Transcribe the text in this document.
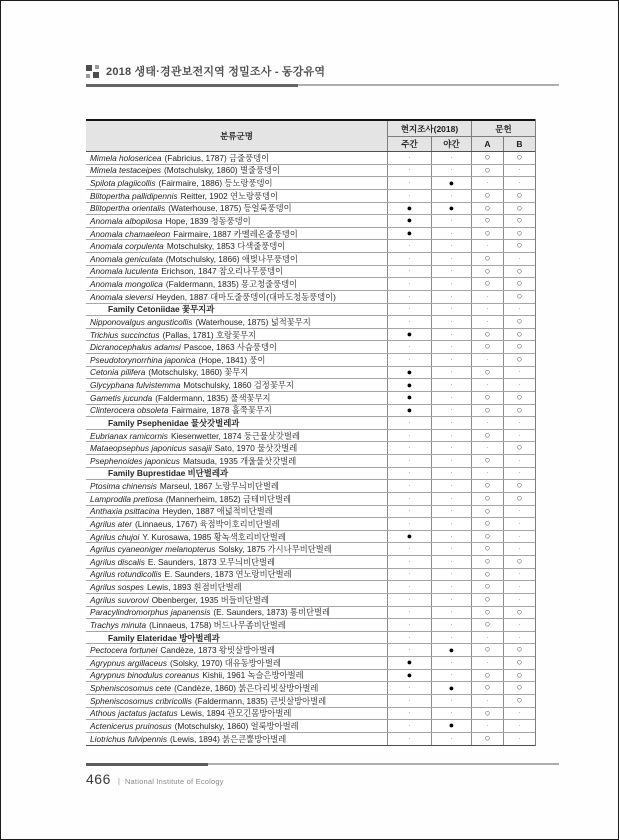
2018 생태·경관보전지역 정밀조사 - 동강유역
분류군명
현지조사(2018)	문헌
주간	야간	A	B
Mimela holosericea (Fabricius, 1787) 금줄풍뎅이	·	·	○	○
Mimela testaceipes (Motschulsky, 1860) 별줄풍뎅이	·	·	○	·
Spilota plagiicollis (Fairmaire, 1886) 등노랑풍뎅이	·	●	·	·
Blitopertha pallidipennis Reitter, 1902 연노랑풍뎅이	·	·	○	○
Blitopertha orientalis (Waterhouse, 1875) 등얼룩풍뎅이	●	●	○	○
Anomala albopilosa Hope, 1839 청동풍뎅이	●	·	○	○
Anomala chamaeleon Fairmaire, 1887 카멜레온줄풍뎅이	●	·	○	○
Anomala corpulenta Motschulsky, 1853 다색줄풍뎅이	·	·	·	○
Anomala geniculata (Motschulsky, 1866) 애벚나무풍뎅이	·	·	○	·
Anomala luculenta Erichson, 1847 참오리나무풍뎅이	·	·	○	○
Anomala mongolica (Faldermann, 1835) 몽고청줄풍뎅이	·	·	○	○
Anomala sieversi Heyden, 1887 대마도줄풍뎅이(대마도청동풍뎅이)	·	·	·	○
Family Cetoniidae 꽃무지과	·	·	·	·
Nipponovalgus angusticollis (Waterhouse, 1875) 넓적꽃무지	·	·	·	○
Trichius succinctus (Pallas, 1781) 호랑꽃무지	●	·	○	○
Dicranocephalus adamsi Pascoe, 1863 사슴풍뎅이	·	·	○	○
Pseudotorynorrhina japonica (Hope, 1841) 풍이	·	·	·	○
Cetonia pilifera (Motschulsky, 1860) 꽃무지	●	·	○	·
Glycyphana fulvistemma Motschulsky, 1860 검정꽃무지	●	·	·	·
Gametis jucunda (Faldermann, 1835) 풀색꽃무지	●	·	○	○
Clinterocera obsoleta Fairmaire, 1878 홀쭉꽃무지	●	·	○	○
Family Psephenidae 물삿갓벌레과	·	·	·	·
Eubrianax ramicornis Kiesenwetter, 1874 둥근물삿갓벌레	·	·	○	·
Mataeopsephus japonicus sasajii Sato, 1970 물삿갓벌레	·	·	·	○
Psephenoides japonicus Matsuda, 1935 개울물삿갓벌레	·	·	○	·
Family Buprestidae 비단벌레과	·	·	·	·
Ptosima chinensis Marseul, 1867 노랑무늬비단벌레	·	·	○	○
Lamprodila pretiosa (Mannerheim, 1852) 금테비단벌레	·	·	○	○
Anthaxia psittacina Heyden, 1887 애넓적비단벌레	·	·	○	·
Agrilus ater (Linnaeus, 1767) 육점박이호리비단벌레	·	·	○	·
Agrilus chujoi Y. Kurosawa, 1985 황녹색호리비단벌레	●	·	○	·
Agrilus cyaneoniger melanopterus Solsky, 1875 가시나무비단벌레	·	·	○	·
Agrilus discalis E. Saunders, 1873 모무늬비단벌레	·	·	○	○
Agrilus rotundicollis E. Saunders, 1873 연노랑비단벌레	·	·	○	·
Agrilus sospes Lewis, 1893 흰점비단벌레	·	·	○	·
Agrilus suvorovi Obenberger, 1935 버들비단벌레	·	·	○	·
Paracylindromorphus japanensis (E. Saunders, 1873) 통비단벌레	·	·	○	○
Trachys minuta (Linnaeus, 1758) 버드나무좀비단벌레	·	·	○	·
Family Elateridae 방아벌레과	·	·	·	·
Pectocera fortunei Candèze, 1873 왕빗살방아벌레	·	●	○	○
Agrypnus argillaceus (Solsky, 1970) 대유동방아벌레	●	·	·	○
Agrypnus binodulus coreanus Kishii, 1961 녹슬은방아벌레	●	·	○	○
Spheniscosomus cete (Candèze, 1860) 붉은다리빗살방아벌레	·	●	○	○
Spheniscosomus cribricollis (Faldermann, 1835) 큰빗살방아벌레	·	·	·	○
Athous jactatus jactatus Lewis, 1894 관모긴몸방아벌레	·	·	○	·
Actenicerus pruinosus (Motschulsky, 1860) 얼룩방아벌레	·	●	·	·
Liotrichus fulvipennis (Lewis, 1894) 붉은큰뿔방아벌레	·	·	○	·
466 | National Institute of Ecology
